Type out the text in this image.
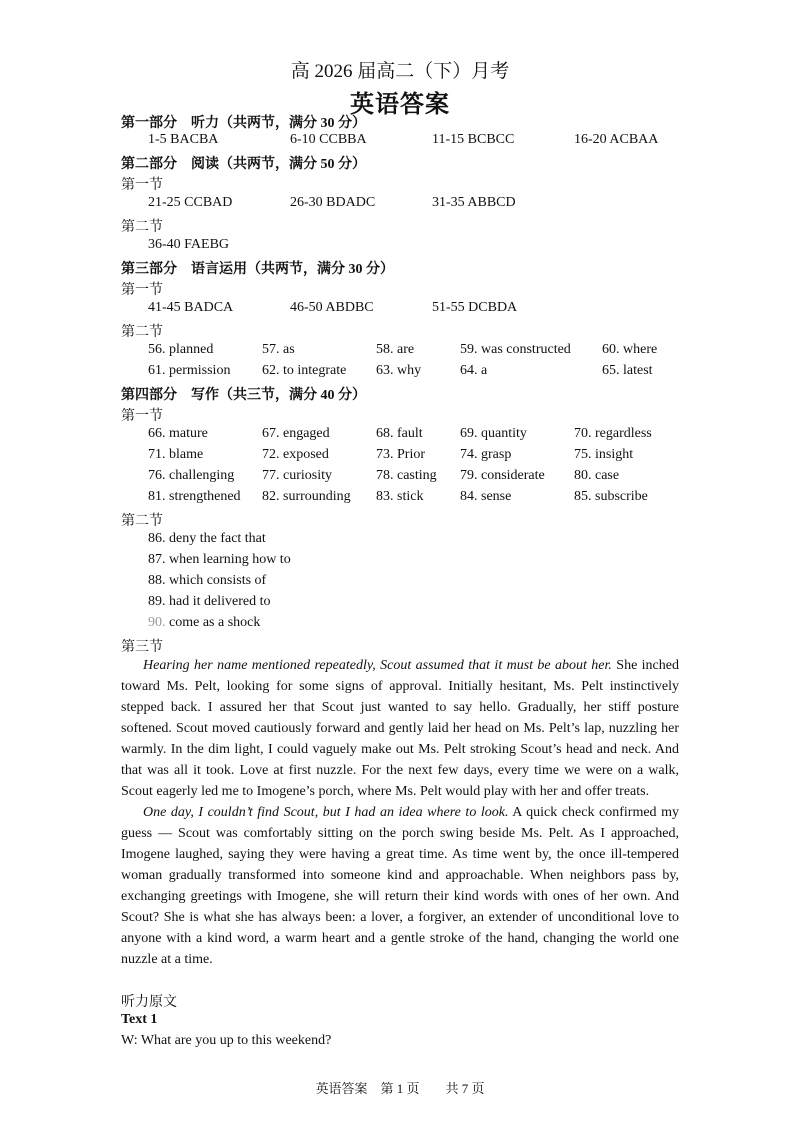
高 2026 届高二（下）月考
英语答案
第一部分　听力（共两节，满分 30 分）
1-5 BACBA	6-10 CCBBA	11-15 BCBCC	16-20 ACBAA
第二部分　阅读（共两节，满分 50 分）
第一节
21-25 CCBAD	26-30 BDADC	31-35 ABBCD
第二节
36-40 FAEBG
第三部分　语言运用（共两节，满分 30 分）
第一节
41-45 BADCA	46-50 ABDBC	51-55 DCBDA
第二节
56. planned	57. as	58. are	59. was constructed 60. where
61. permission 62. to integrate 63. why	64. a	65. latest
第四部分　写作（共三节，满分 40 分）
第一节
66. mature	67. engaged	68. fault	69. quantity	70. regardless
71. blame	72. exposed	73. Prior	74. grasp	75. insight
76. challenging 77. curiosity	78. casting 79. considerate 80. case
81. strengthened 82. surrounding 83. stick	84. sense	85. subscribe
第二节
86. deny the fact that
87. when learning how to
88. which consists of
89. had it delivered to
90. come as a shock
第三节

Hearing her name mentioned repeatedly, Scout assumed that it must be about her. She inched toward Ms. Pelt, looking for some signs of approval. Initially hesitant, Ms. Pelt instinctively stepped back. I assured her that Scout just wanted to say hello. Gradually, her stiff posture softened. Scout moved cautiously forward and gently laid her head on Ms. Pelt’s lap, nuzzling her warmly. In the dim light, I could vaguely make out Ms. Pelt stroking Scout’s head and neck. And that was all it took. Love at first nuzzle. For the next few days, every time we were on a walk, Scout eagerly led me to Imogene’s porch, where Ms. Pelt would play with her and offer treats.

One day, I couldn’t find Scout, but I had an idea where to look. A quick check confirmed my guess — Scout was comfortably sitting on the porch swing beside Ms. Pelt. As I approached, Imogene laughed, saying they were having a great time. As time went by, the once ill-tempered woman gradually transformed into someone kind and approachable. When neighbors pass by, exchanging greetings with Imogene, she will return their kind words with ones of her own. And Scout? She is what she has always been: a lover, a forgiver, an extender of unconditional love to anyone with a kind word, a warm heart and a gentle stroke of the hand, changing the world one nuzzle at a time.

听力原文
Text 1
W: What are you up to this weekend?
英语答案　第 1 页　　共 7 页
